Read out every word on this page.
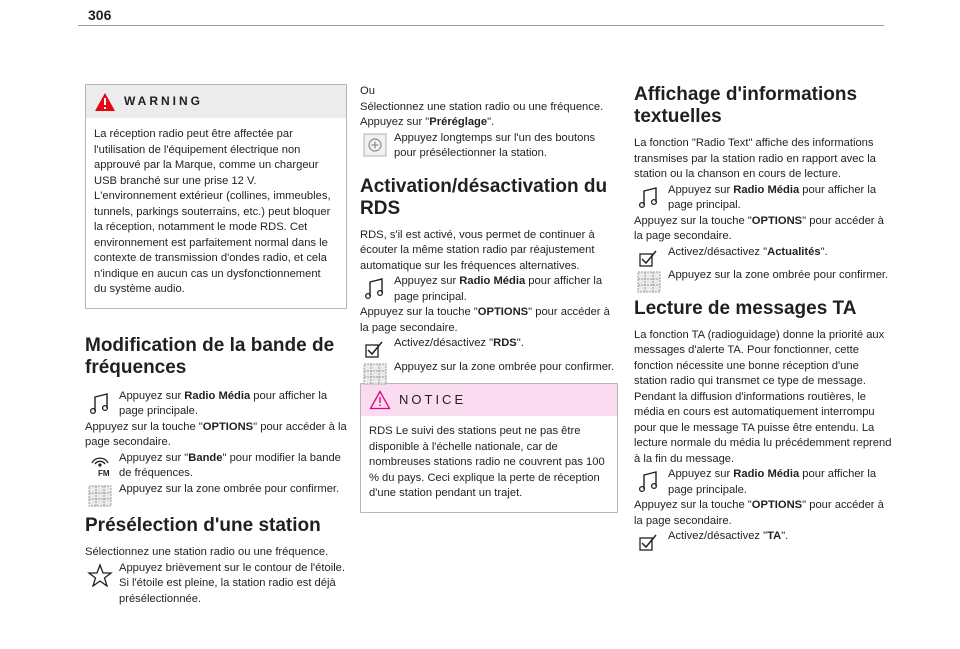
306
WARNING

La réception radio peut être affectée par l'utilisation de l'équipement électrique non approuvé par la Marque, comme un chargeur USB branché sur une prise 12 V. L'environnement extérieur (collines, immeubles, tunnels, parkings souterrains, etc.) peut bloquer la réception, notamment le mode RDS. Cet environnement est parfaitement normal dans le contexte de transmission d'ondes radio, et cela n'indique en aucun cas un dysfonctionnement du système audio.

Modification de la bande de fréquences

Appuyez sur Radio Média pour afficher la page principale.

Appuyez sur la touche "OPTIONS" pour accéder à la page secondaire.

FM

Appuyez sur "Bande" pour modifier la bande de fréquences.

Appuyez sur la zone ombrée pour confirmer.

Présélection d'une station

Sélectionnez une station radio ou une fréquence.

Appuyez brièvement sur le contour de l'étoile. Si l'étoile est pleine, la station radio est déjà présélectionnée.

Ou

Sélectionnez une station radio ou une fréquence.

Appuyez sur "Préréglage".

Appuyez longtemps sur l'un des boutons pour présélectionner la station.

Activation/désactivation du RDS

RDS, s'il est activé, vous permet de continuer à écouter la même station radio par réajustement automatique sur les fréquences alternatives.

Appuyez sur Radio Média pour afficher la page principal.

Appuyez sur la touche "OPTIONS" pour accéder à la page secondaire.

Activez/désactivez "RDS".

Appuyez sur la zone ombrée pour confirmer.

NOTICE

RDS Le suivi des stations peut ne pas être disponible à l'échelle nationale, car de nombreuses stations radio ne couvrent pas 100 % du pays. Ceci explique la perte de réception d'une station pendant un trajet.

Affichage d'informations textuelles

La fonction "Radio Text" affiche des informations transmises par la station radio en rapport avec la station ou la chanson en cours de lecture.

Appuyez sur Radio Média pour afficher la page principal.

Appuyez sur la touche "OPTIONS" pour accéder à la page secondaire.

Activez/désactivez "Actualités".

Appuyez sur la zone ombrée pour confirmer.

Lecture de messages TA

La fonction TA (radioguidage) donne la priorité aux messages d'alerte TA. Pour fonctionner, cette fonction nécessite une bonne réception d'une station radio qui transmet ce type de message. Pendant la diffusion d'informations routières, le média en cours est automatiquement interrompu pour que le message TA puisse être entendu. La lecture normale du média lu précédemment reprend à la fin du message.

Appuyez sur Radio Média pour afficher la page principale.

Appuyez sur la touche "OPTIONS" pour accéder à la page secondaire.

Activez/désactivez "TA".
